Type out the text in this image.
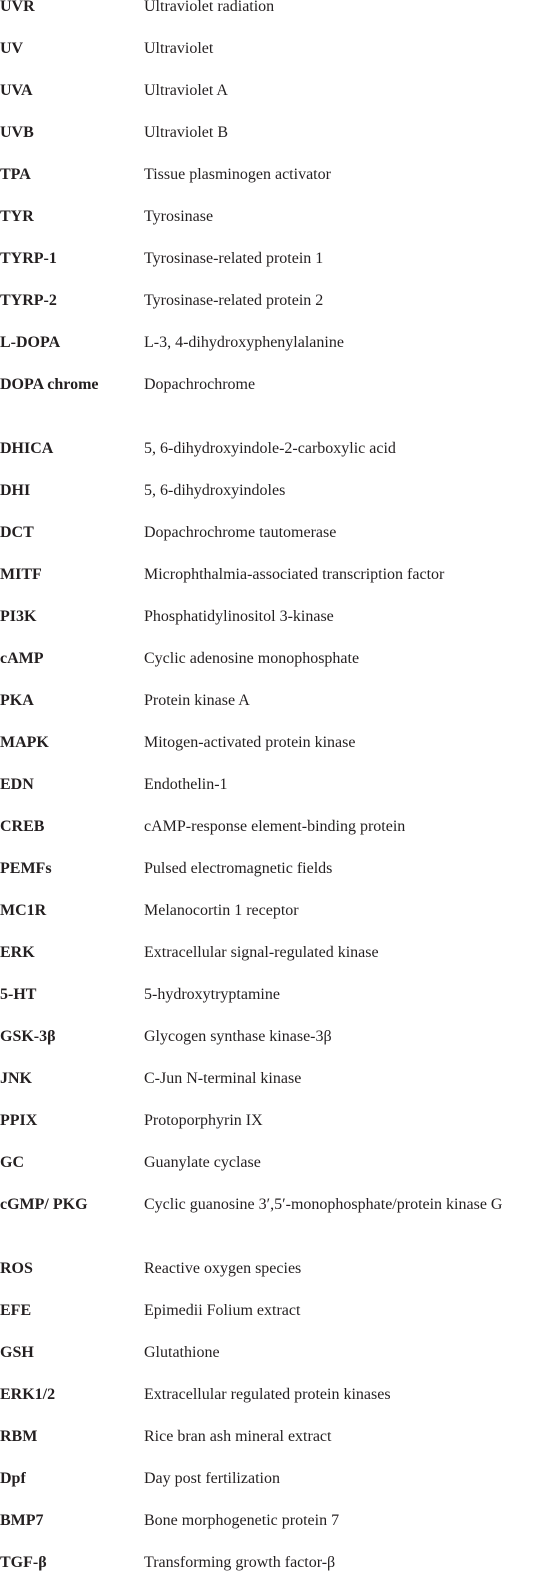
UVR	Ultraviolet radiation
UV	Ultraviolet
UVA	Ultraviolet A
UVB	Ultraviolet B
TPA	Tissue plasminogen activator
TYR	Tyrosinase
TYRP-1	Tyrosinase-related protein 1
TYRP-2	Tyrosinase-related protein 2
L-DOPA	L-3, 4-dihydroxyphenylalanine
DOPA chrome	Dopachrochrome
DHICA	5, 6-dihydroxyindole-2-carboxylic acid
DHI	5, 6-dihydroxyindoles
DCT	Dopachrochrome tautomerase
MITF	Microphthalmia-associated transcription factor
PI3K	Phosphatidylinositol 3-kinase
cAMP	Cyclic adenosine monophosphate
PKA	Protein kinase A
MAPK	Mitogen-activated protein kinase
EDN	Endothelin-1
CREB	cAMP-response element-binding protein
PEMFs	Pulsed electromagnetic fields
MC1R	Melanocortin 1 receptor
ERK	Extracellular signal-regulated kinase
5-HT	5-hydroxytryptamine
GSK-3β	Glycogen synthase kinase-3β
JNK	C-Jun N-terminal kinase
PPIX	Protoporphyrin IX
GC	Guanylate cyclase
cGMP/ PKG	Cyclic guanosine 3′,5′-monophosphate/protein kinase G
ROS	Reactive oxygen species
EFE	Epimedii Folium extract
GSH	Glutathione
ERK1/2	Extracellular regulated protein kinases
RBM	Rice bran ash mineral extract
Dpf	Day post fertilization
BMP7	Bone morphogenetic protein 7
TGF-β	Transforming growth factor-β
